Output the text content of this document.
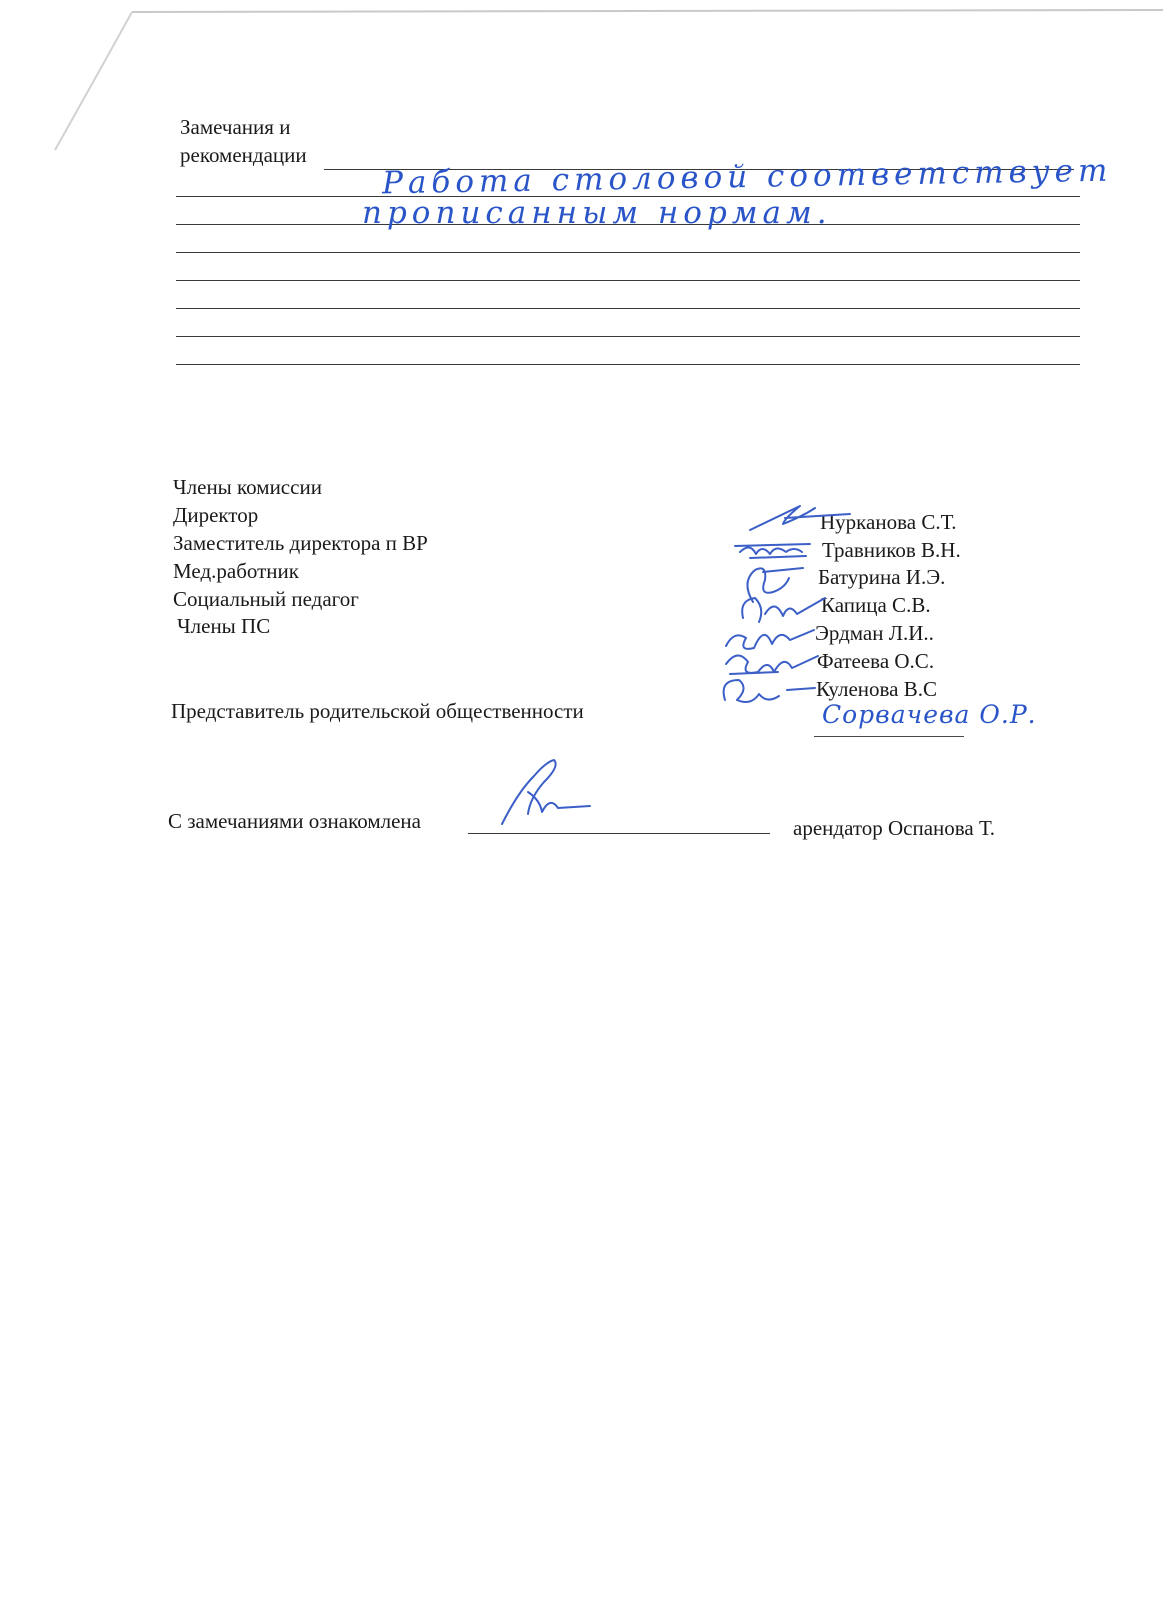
Замечания и
рекомендации Работа столовой соответствует
прописанным нормам.
Члены комиссии
Директор
Заместитель директора п ВР
Мед.работник
Социальный педагог
Члены ПС
Нурканова С.Т.
Травников В.Н.
Батурина И.Э.
Капица С.В.
Эрдман Л.И..
Фатеева О.С.
Куленова В.С
Представитель родительской общественности	Сорвачева О.Р.
С замечаниями ознакомлена	арендатор Оспанова Т.
